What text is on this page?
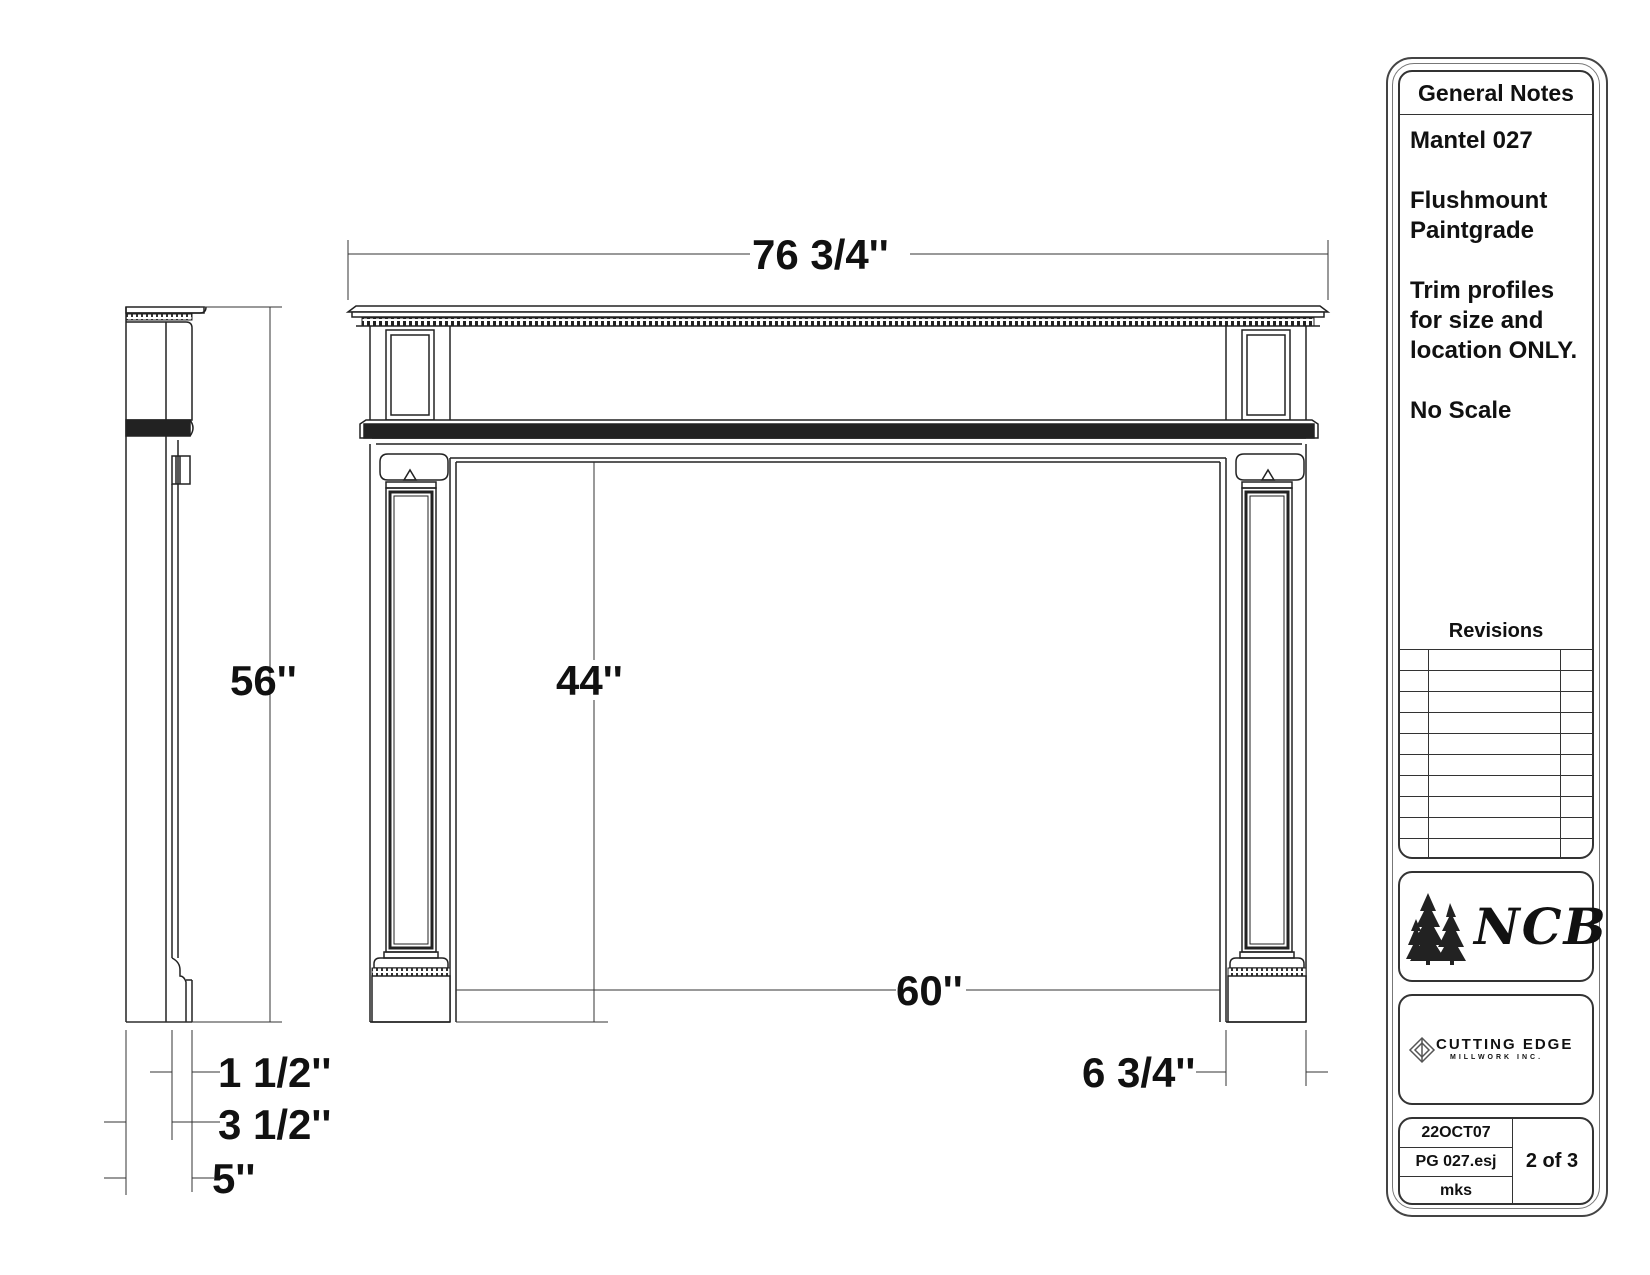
76 3/4''
56''	44''
60''
6 3/4''
1 1/2''
3 1/2''
5''
General Notes

Mantel 027

Flushmount
Paintgrade

Trim profiles
for size and
location ONLY.

No Scale

Revisions
NCB
CUTTING EDGE
MILLWORK INC.
22OCT07
PG 027.esj
mks
2 of 3
